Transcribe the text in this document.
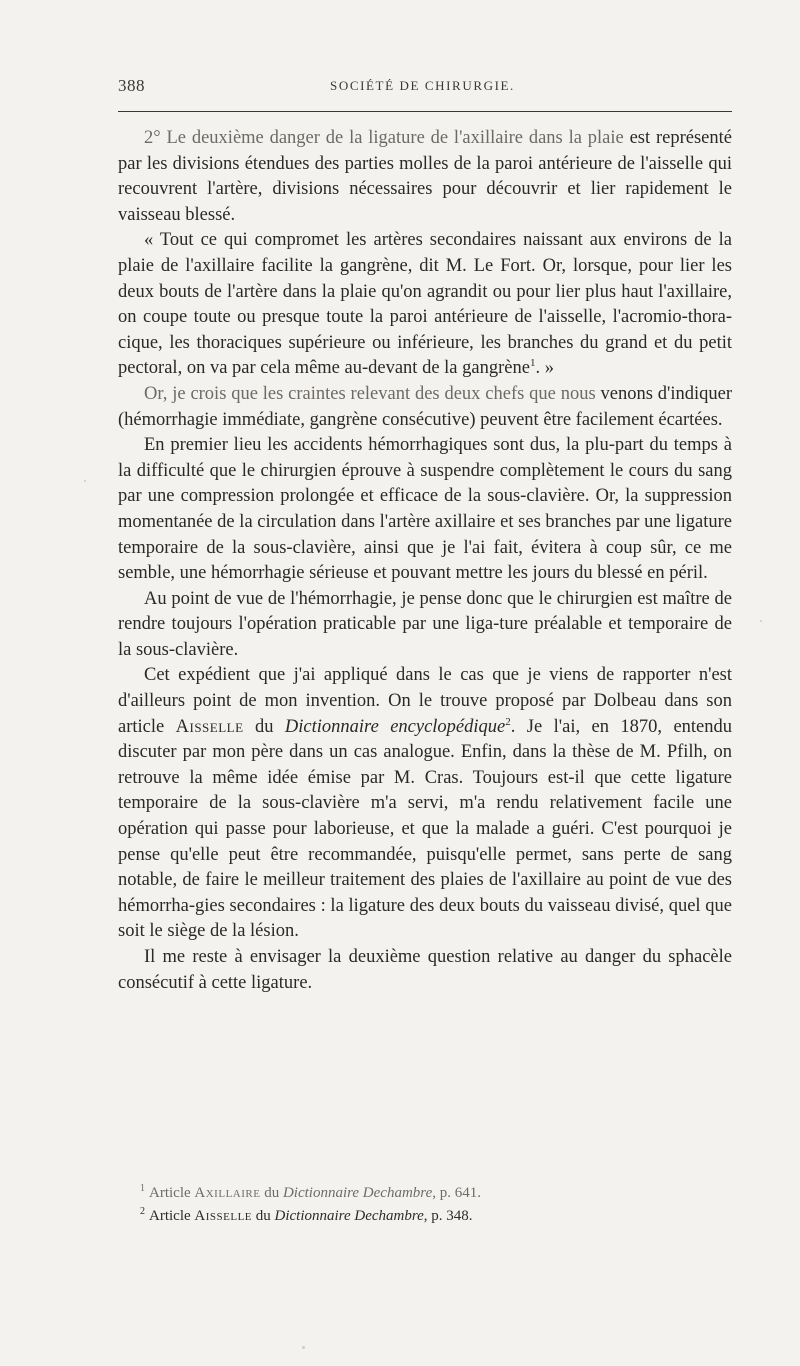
388	SOCIÉTÉ DE CHIRURGIE.

2° Le deuxième danger de la ligature de l'axillaire dans la plaie est représenté par les divisions étendues des parties molles de la paroi antérieure de l'aisselle qui recouvrent l'artère, divisions nécessaires pour découvrir et lier rapidement le vaisseau blessé.

« Tout ce qui compromet les artères secondaires naissant aux environs de la plaie de l'axillaire facilite la gangrène, dit M. Le Fort. Or, lorsque, pour lier les deux bouts de l'artère dans la plaie qu'on agrandit ou pour lier plus haut l'axillaire, on coupe toute ou presque toute la paroi antérieure de l'aisselle, l'acromio-thora-cique, les thoraciques supérieure ou inférieure, les branches du grand et du petit pectoral, on va par cela même au-devant de la gangrène$^1$. »

Or, je crois que les craintes relevant des deux chefs que nous venons d'indiquer (hémorrhagie immédiate, gangrène consécutive) peuvent être facilement écartées.

En premier lieu les accidents hémorrhagiques sont dus, la plu-part du temps à la difficulté que le chirurgien éprouve à suspendre complètement le cours du sang par une compression prolongée et efficace de la sous-clavière. Or, la suppression momentanée de la circulation dans l'artère axillaire et ses branches par une ligature temporaire de la sous-clavière, ainsi que je l'ai fait, évitera à coup sûr, ce me semble, une hémorrhagie sérieuse et pouvant mettre les jours du blessé en péril.

Au point de vue de l'hémorrhagie, je pense donc que le chirurgien est maître de rendre toujours l'opération praticable par une liga-ture préalable et temporaire de la sous-clavière.

Cet expédient que j'ai appliqué dans le cas que je viens de rapporter n'est d'ailleurs point de mon invention. On le trouve proposé par Dolbeau dans son article Aisselle du Dictionnaire encyclopédique$^2$. Je l'ai, en 1870, entendu discuter par mon père dans un cas analogue. Enfin, dans la thèse de M. Pfilh, on retrouve la même idée émise par M. Cras. Toujours est-il que cette ligature temporaire de la sous-clavière m'a servi, m'a rendu relativement facile une opération qui passe pour laborieuse, et que la malade a guéri. C'est pourquoi je pense qu'elle peut être recommandée, puisqu'elle permet, sans perte de sang notable, de faire le meilleur traitement des plaies de l'axillaire au point de vue des hémorrha-gies secondaires : la ligature des deux bouts du vaisseau divisé, quel que soit le siège de la lésion.

Il me reste à envisager la deuxième question relative au danger du sphacèle consécutif à cette ligature.

$^1$ Article Axillaire du Dictionnaire Dechambre, p. 641.
$^2$ Article Aisselle du Dictionnaire Dechambre, p. 348.
